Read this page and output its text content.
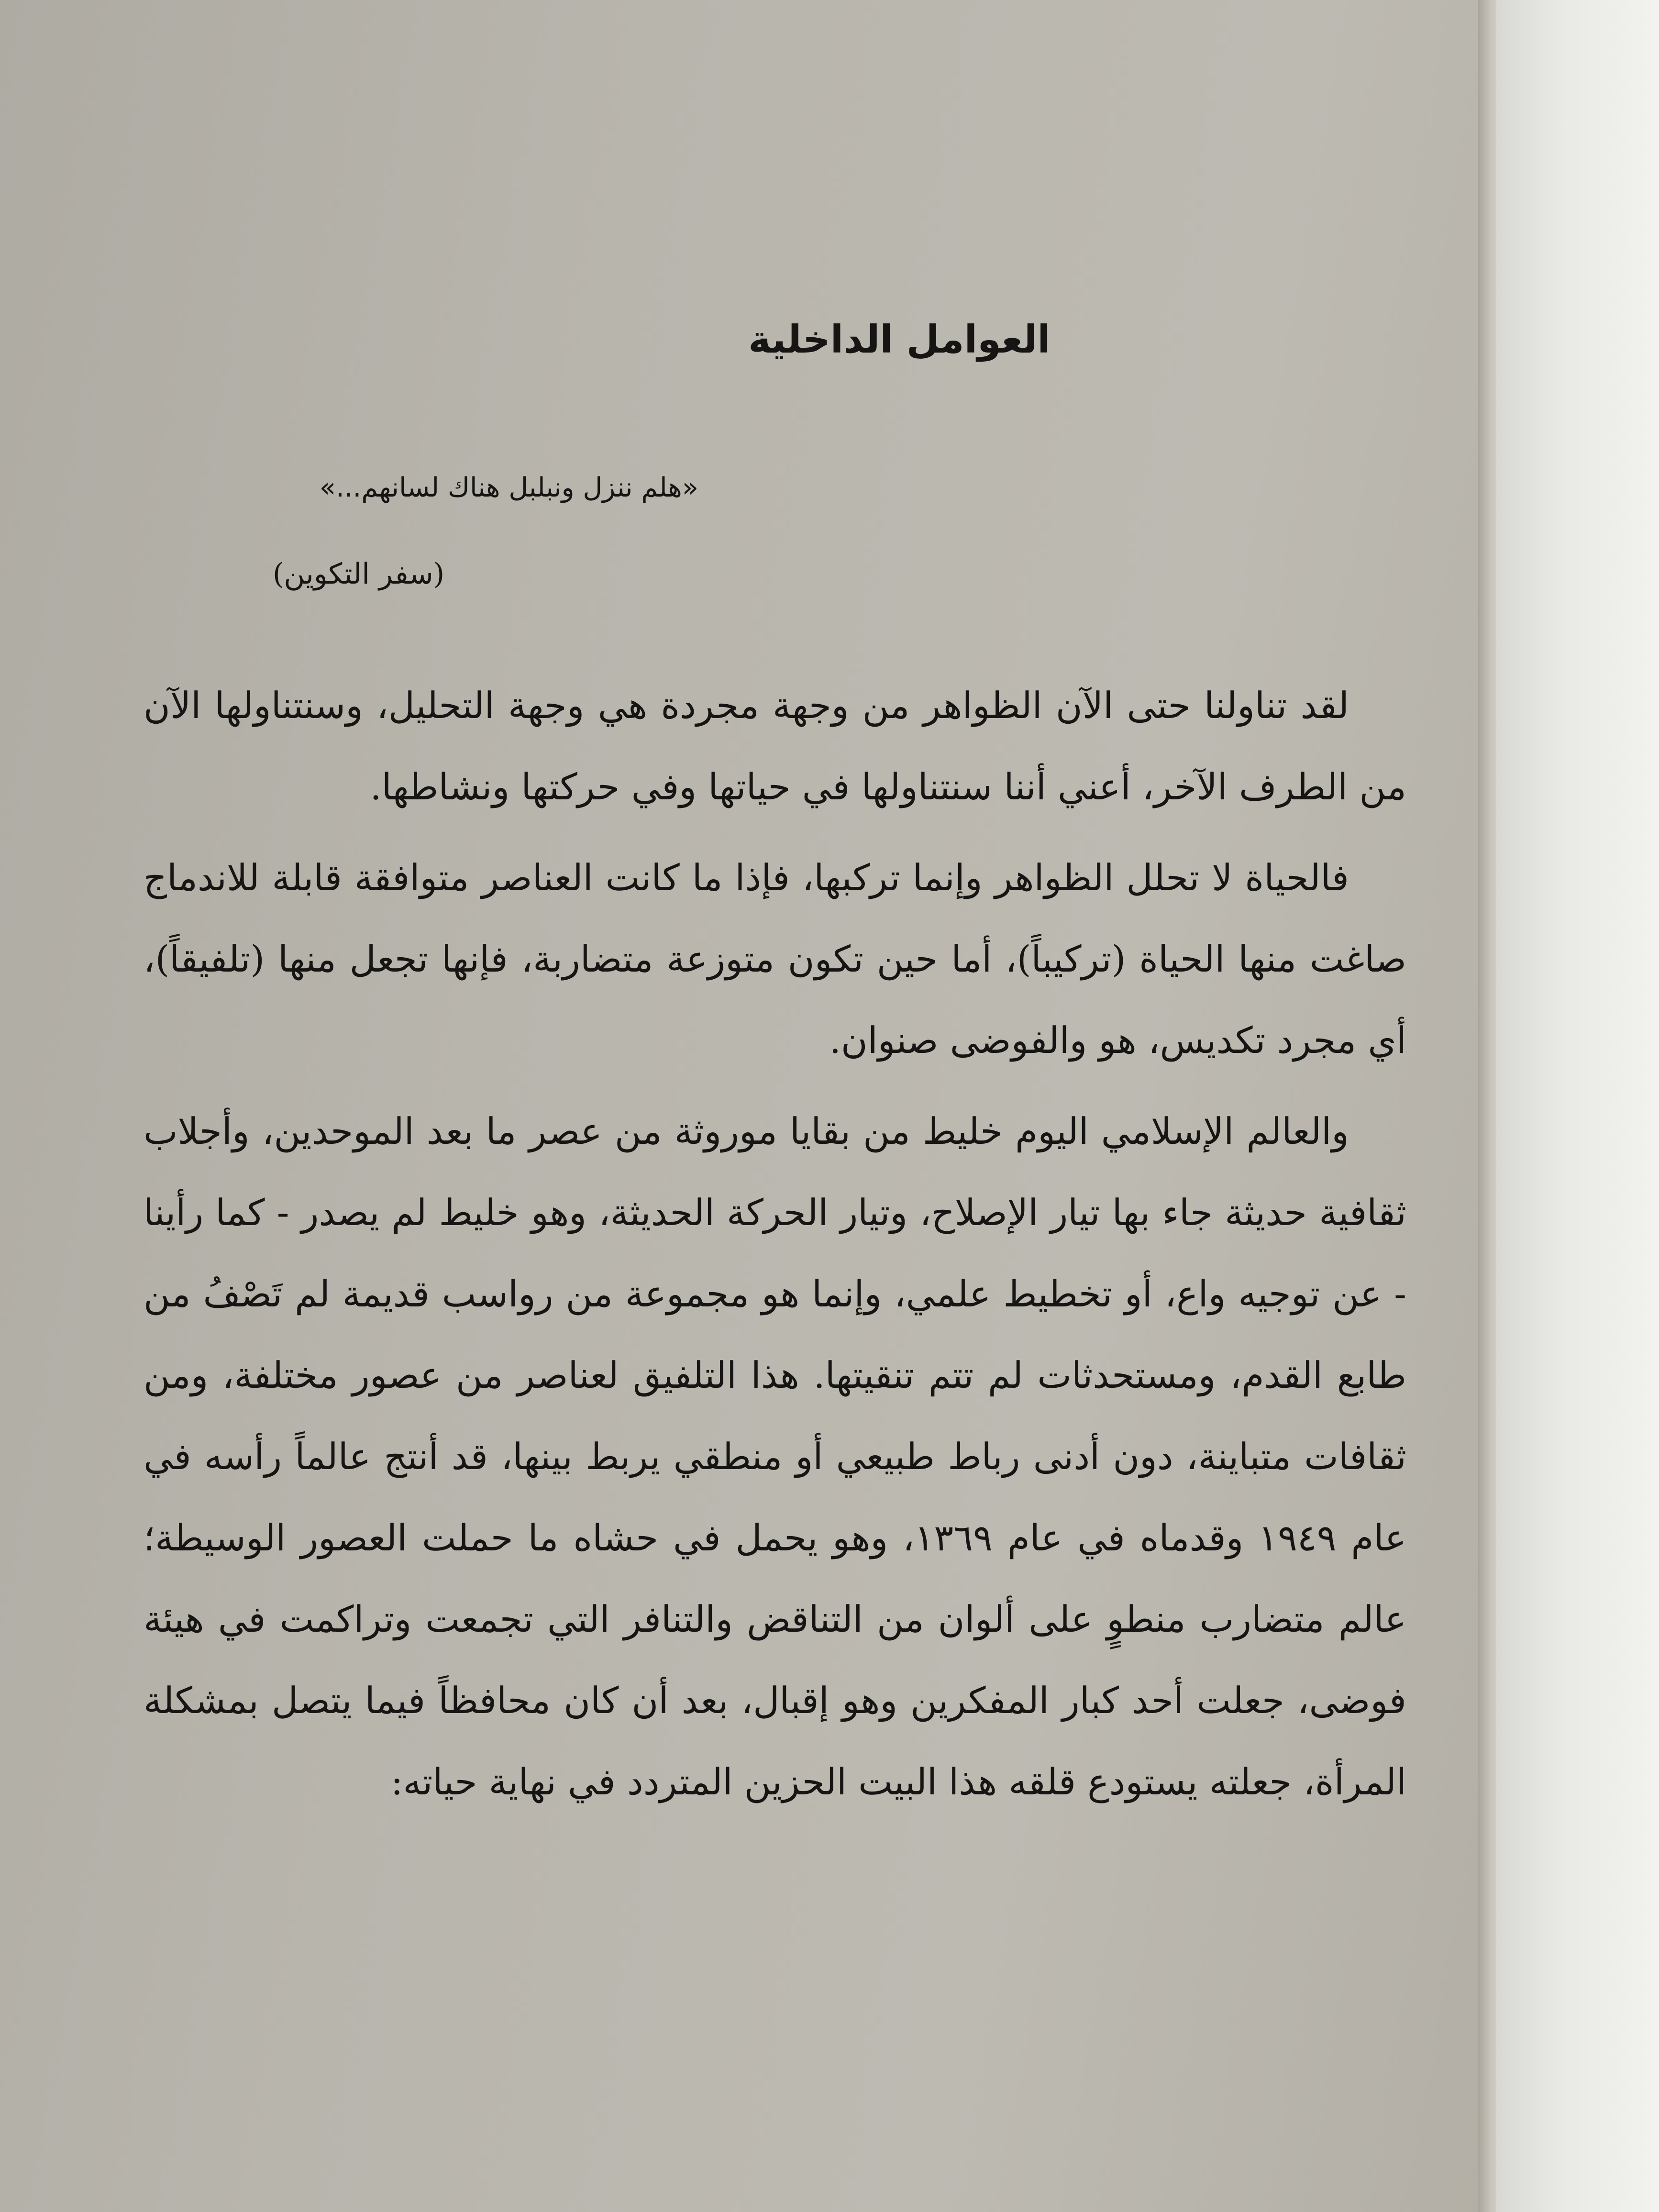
العوامل الداخلية
«هلم ننزل ونبلبل هناك لسانهم...»
(سفر التكوين)

لقد تناولنا حتى الآن الظواهر من وجهة مجردة هي وجهة التحليل، وسنتناولها الآن من الطرف الآخر، أعني أننا سنتناولها في حياتها وفي حركتها ونشاطها.

فالحياة لا تحلل الظواهر وإنما تركبها، فإذا ما كانت العناصر متوافقة قابلة للاندماج صاغت منها الحياة (تركيباً)، أما حين تكون متوزعة متضاربة، فإنها تجعل منها (تلفيقاً)، أي مجرد تكديس، هو والفوضى صنوان.

والعالم الإسلامي اليوم خليط من بقايا موروثة من عصر ما بعد الموحدين، وأجلاب ثقافية حديثة جاء بها تيار الإصلاح، وتيار الحركة الحديثة، وهو خليط لم يصدر - كما رأينا - عن توجيه واع، أو تخطيط علمي، وإنما هو مجموعة من رواسب قديمة لم تَصْفُ من طابع القدم، ومستحدثات لم تتم تنقيتها. هذا التلفيق لعناصر من عصور مختلفة، ومن ثقافات متباينة، دون أدنى رباط طبيعي أو منطقي يربط بينها، قد أنتج عالماً رأسه في عام ١٩٤٩ وقدماه في عام ١٣٦٩، وهو يحمل في حشاه ما حملت العصور الوسيطة؛ عالم متضارب منطوٍ على ألوان من التناقض والتنافر التي تجمعت وتراكمت في هيئة فوضى، جعلت أحد كبار المفكرين وهو إقبال، بعد أن كان محافظاً فيما يتصل بمشكلة المرأة، جعلته يستودع قلقه هذا البيت الحزين المتردد في نهاية حياته:
